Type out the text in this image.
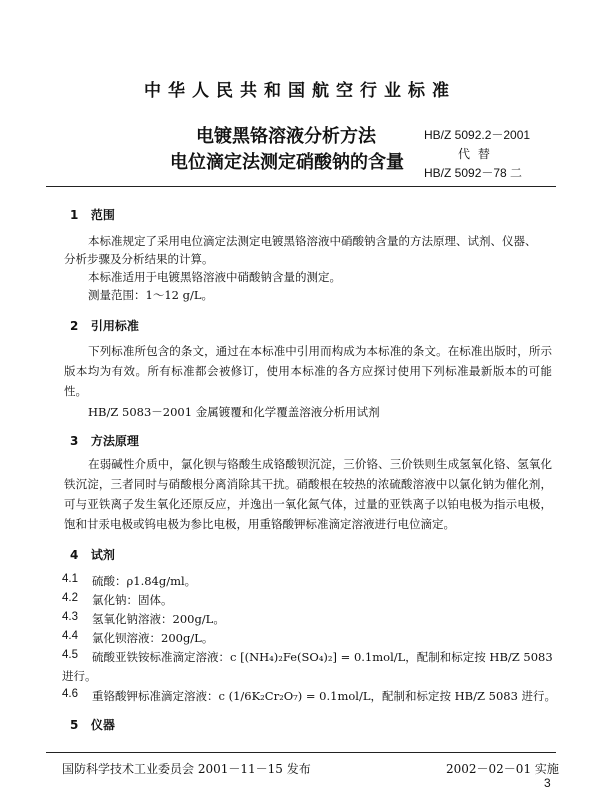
中华人民共和国航空行业标准
电镀黑铬溶液分析方法
电位滴定法测定硝酸钠的含量
HB/Z 5092.2－2001
代 替
HB/Z 5092－78 二
1 范围
本标准规定了采用电位滴定法测定电镀黑铬溶液中硝酸钠含量的方法原理、试剂、仪器、
分析步骤及分析结果的计算。
本标准适用于电镀黑铬溶液中硝酸钠含量的测定。
测量范围：1～12 g/L。
2 引用标准
下列标准所包含的条文，通过在本标准中引用而构成为本标准的条文。在标准出版时，所示版本均为有效。所有标准都会被修订，使用本标准的各方应探讨使用下列标准最新版本的可能性。
HB/Z 5083－2001 金属镀覆和化学覆盖溶液分析用试剂
3 方法原理
在弱碱性介质中，氯化钡与铬酸生成铬酸钡沉淀，三价铬、三价铁则生成氢氧化铬、氢氧化铁沉淀，三者同时与硝酸根分离消除其干扰。硝酸根在较热的浓硫酸溶液中以氯化钠为催化剂，可与亚铁离子发生氧化还原反应，并逸出一氧化氮气体，过量的亚铁离子以铂电极为指示电极，饱和甘汞电极或钨电极为参比电极，用重铬酸钾标准滴定溶液进行电位滴定。
4 试剂
4.1 硫酸：ρ1.84g/ml。
4.2 氯化钠：固体。
4.3 氢氧化钠溶液：200g/L。
4.4 氯化钡溶液：200g/L。
4.5 硫酸亚铁铵标准滴定溶液：c [(NH₄)₂Fe(SO₄)₂] = 0.1mol/L，配制和标定按 HB/Z 5083
进行。
4.6 重铬酸钾标准滴定溶液：c (1/6K₂Cr₂O₇) = 0.1mol/L，配制和标定按 HB/Z 5083 进行。
5 仪器
国防科学技术工业委员会 2001－11－15 发布	2002－02－01 实施
3
